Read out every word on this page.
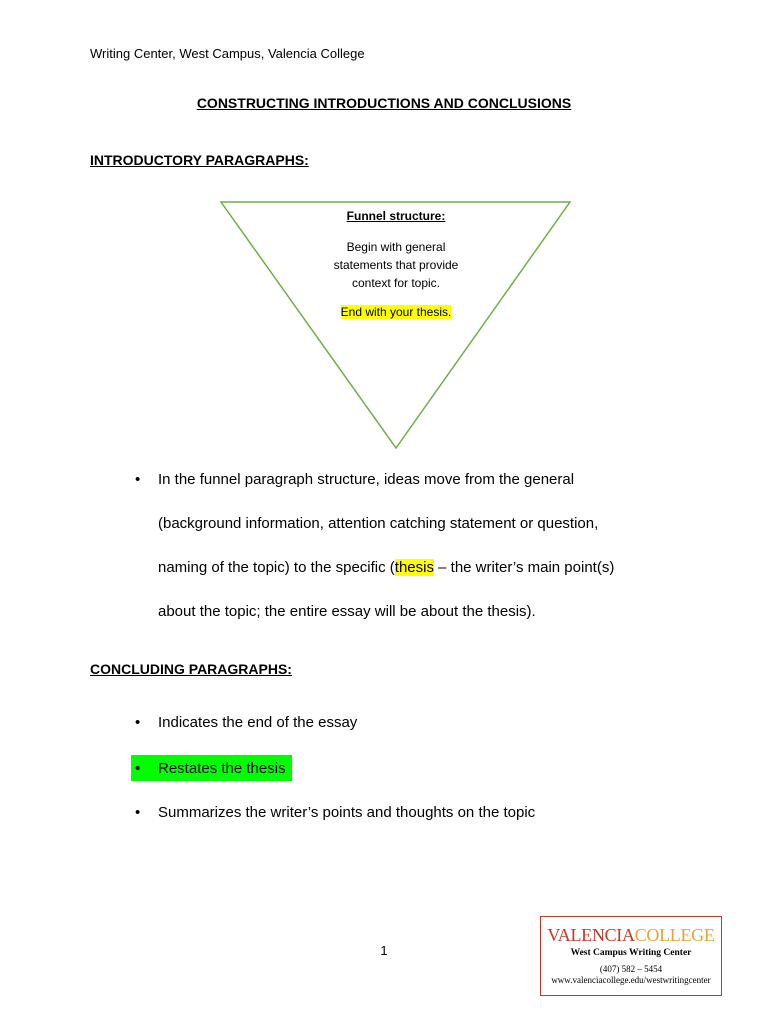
Writing Center, West Campus, Valencia College
CONSTRUCTING INTRODUCTIONS AND CONCLUSIONS
INTRODUCTORY PARAGRAPHS:
Funnel structure:
Begin with general
statements that provide
context for topic.
End with your thesis.
• In the funnel paragraph structure, ideas move from the general
(background information, attention catching statement or question,
naming of the topic) to the specific (thesis – the writer’s main point(s)
about the topic; the entire essay will be about the thesis).
CONCLUDING PARAGRAPHS:
• Indicates the end of the essay
• Restates the thesis
• Summarizes the writer’s points and thoughts on the topic
1
VALENCIACOLLEGE
West Campus Writing Center
(407) 582 – 5454
www.valenciacollege.edu/westwritingcenter
